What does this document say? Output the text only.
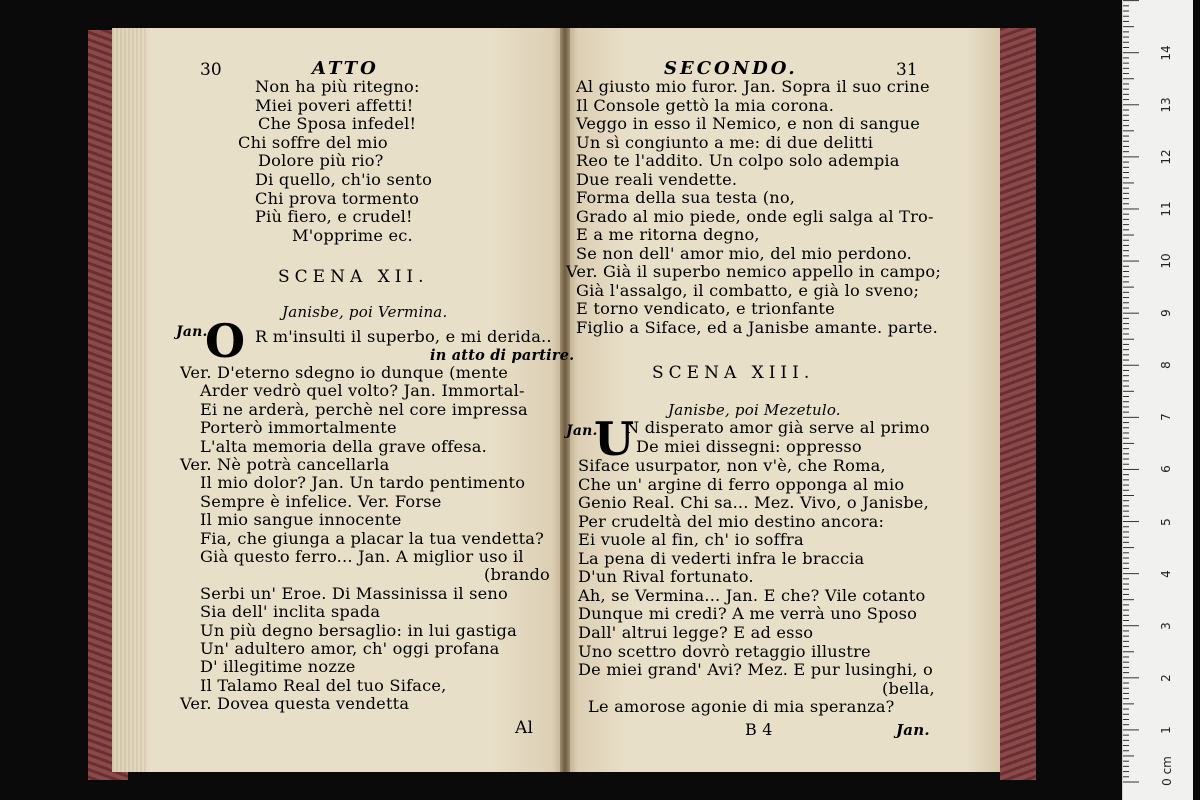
30	ATTO
Non ha più ritegno:
Miei poveri affetti!
Che Sposa infedel!
Chi soffre del mio
Dolore più rio?
Di quello, ch'io sento
Chi prova tormento
Più fiero, e crudel!
M'opprime ec.
SCENA XII.
Janisbe, poi Vermina.
Jan.
O R m'insulti il superbo, e mi derida..
in atto di partire.
Ver. D'eterno sdegno io dunque (mente
Arder vedrò quel volto? Jan. Immortal-
Ei ne arderà, perchè nel core impressa
Porterò immortalmente
L'alta memoria della grave offesa.
Ver. Nè potrà cancellarla
Il mio dolor? Jan. Un tardo pentimento
Sempre è infelice. Ver. Forse
Il mio sangue innocente
Fia, che giunga a placar la tua vendetta?
Già questo ferro... Jan. A miglior uso il
(brando
Serbi un' Eroe. Di Massinissa il seno
Sia dell' inclita spada
Un più degno bersaglio: in lui gastiga
Un' adultero amor, ch' oggi profana
D' illegitime nozze
Il Talamo Real del tuo Siface,
Ver. Dovea questa vendetta
Al
SECONDO.	31
Al giusto mio furor. Jan. Sopra il suo crine
Il Console gettò la mia corona.
Veggo in esso il Nemico, e non di sangue
Un sì congiunto a me: di due delitti
Reo te l'addito. Un colpo solo adempia
Due reali vendette.
Forma della sua testa (no,
Grado al mio piede, onde egli salga al Tro-
E a me ritorna degno,
Se non dell' amor mio, del mio perdono.
Ver. Già il superbo nemico appello in campo;
Già l'assalgo, il combatto, e già lo sveno;
E torno vendicato, e trionfante
Figlio a Siface, ed a Janisbe amante. parte.
SCENA XIII.
Janisbe, poi Mezetulo.
Jan.
U
N disperato amor già serve al primo
De miei dissegni: oppresso
Siface usurpator, non v'è, che Roma,
Che un' argine di ferro opponga al mio
Genio Real. Chi sa... Mez. Vivo, o Janisbe,
Per crudeltà del mio destino ancora:
Ei vuole al fin, ch' io soffra
La pena di vederti infra le braccia
D'un Rival fortunato.
Ah, se Vermina... Jan. E che? Vile cotanto
Dunque mi credi? A me verrà uno Sposo
Dall' altrui legge? E ad esso
Uno scettro dovrò retaggio illustre
De miei grand' Avi? Mez. E pur lusinghi, o
(bella,
Le amorose agonie di mia speranza?
B 4	Jan.
14
13
12
11
10
9
8
7
6
5
4
3
2
1
0 cm
